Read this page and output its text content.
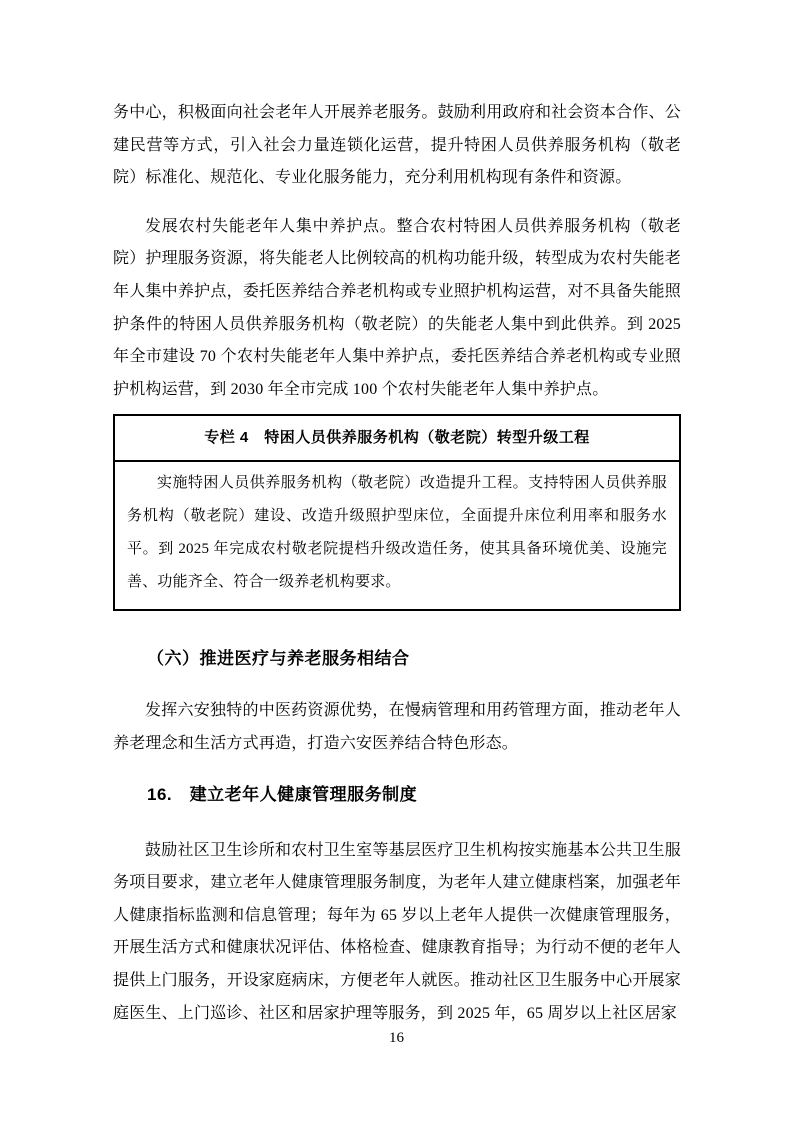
务中心，积极面向社会老年人开展养老服务。鼓励利用政府和社会资本合作、公建民营等方式，引入社会力量连锁化运营，提升特困人员供养服务机构（敬老院）标准化、规范化、专业化服务能力，充分利用机构现有条件和资源。

发展农村失能老年人集中养护点。整合农村特困人员供养服务机构（敬老院）护理服务资源，将失能老人比例较高的机构功能升级，转型成为农村失能老年人集中养护点，委托医养结合养老机构或专业照护机构运营，对不具备失能照护条件的特困人员供养服务机构（敬老院）的失能老人集中到此供养。到 2025 年全市建设 70 个农村失能老年人集中养护点，委托医养结合养老机构或专业照护机构运营，到 2030 年全市完成 100 个农村失能老年人集中养护点。

专栏 4　特困人员供养服务机构（敬老院）转型升级工程

实施特困人员供养服务机构（敬老院）改造提升工程。支持特困人员供养服务机构（敬老院）建设、改造升级照护型床位，全面提升床位利用率和服务水平。到 2025 年完成农村敬老院提档升级改造任务，使其具备环境优美、设施完善、功能齐全、符合一级养老机构要求。

（六）推进医疗与养老服务相结合

发挥六安独特的中医药资源优势，在慢病管理和用药管理方面，推动老年人养老理念和生活方式再造，打造六安医养结合特色形态。

16.　建立老年人健康管理服务制度

鼓励社区卫生诊所和农村卫生室等基层医疗卫生机构按实施基本公共卫生服务项目要求，建立老年人健康管理服务制度，为老年人建立健康档案，加强老年人健康指标监测和信息管理；每年为 65 岁以上老年人提供一次健康管理服务，开展生活方式和健康状况评估、体格检查、健康教育指导；为行动不便的老年人提供上门服务，开设家庭病床，方便老年人就医。推动社区卫生服务中心开展家庭医生、上门巡诊、社区和居家护理等服务，到 2025 年，65 周岁以上社区居家

16
